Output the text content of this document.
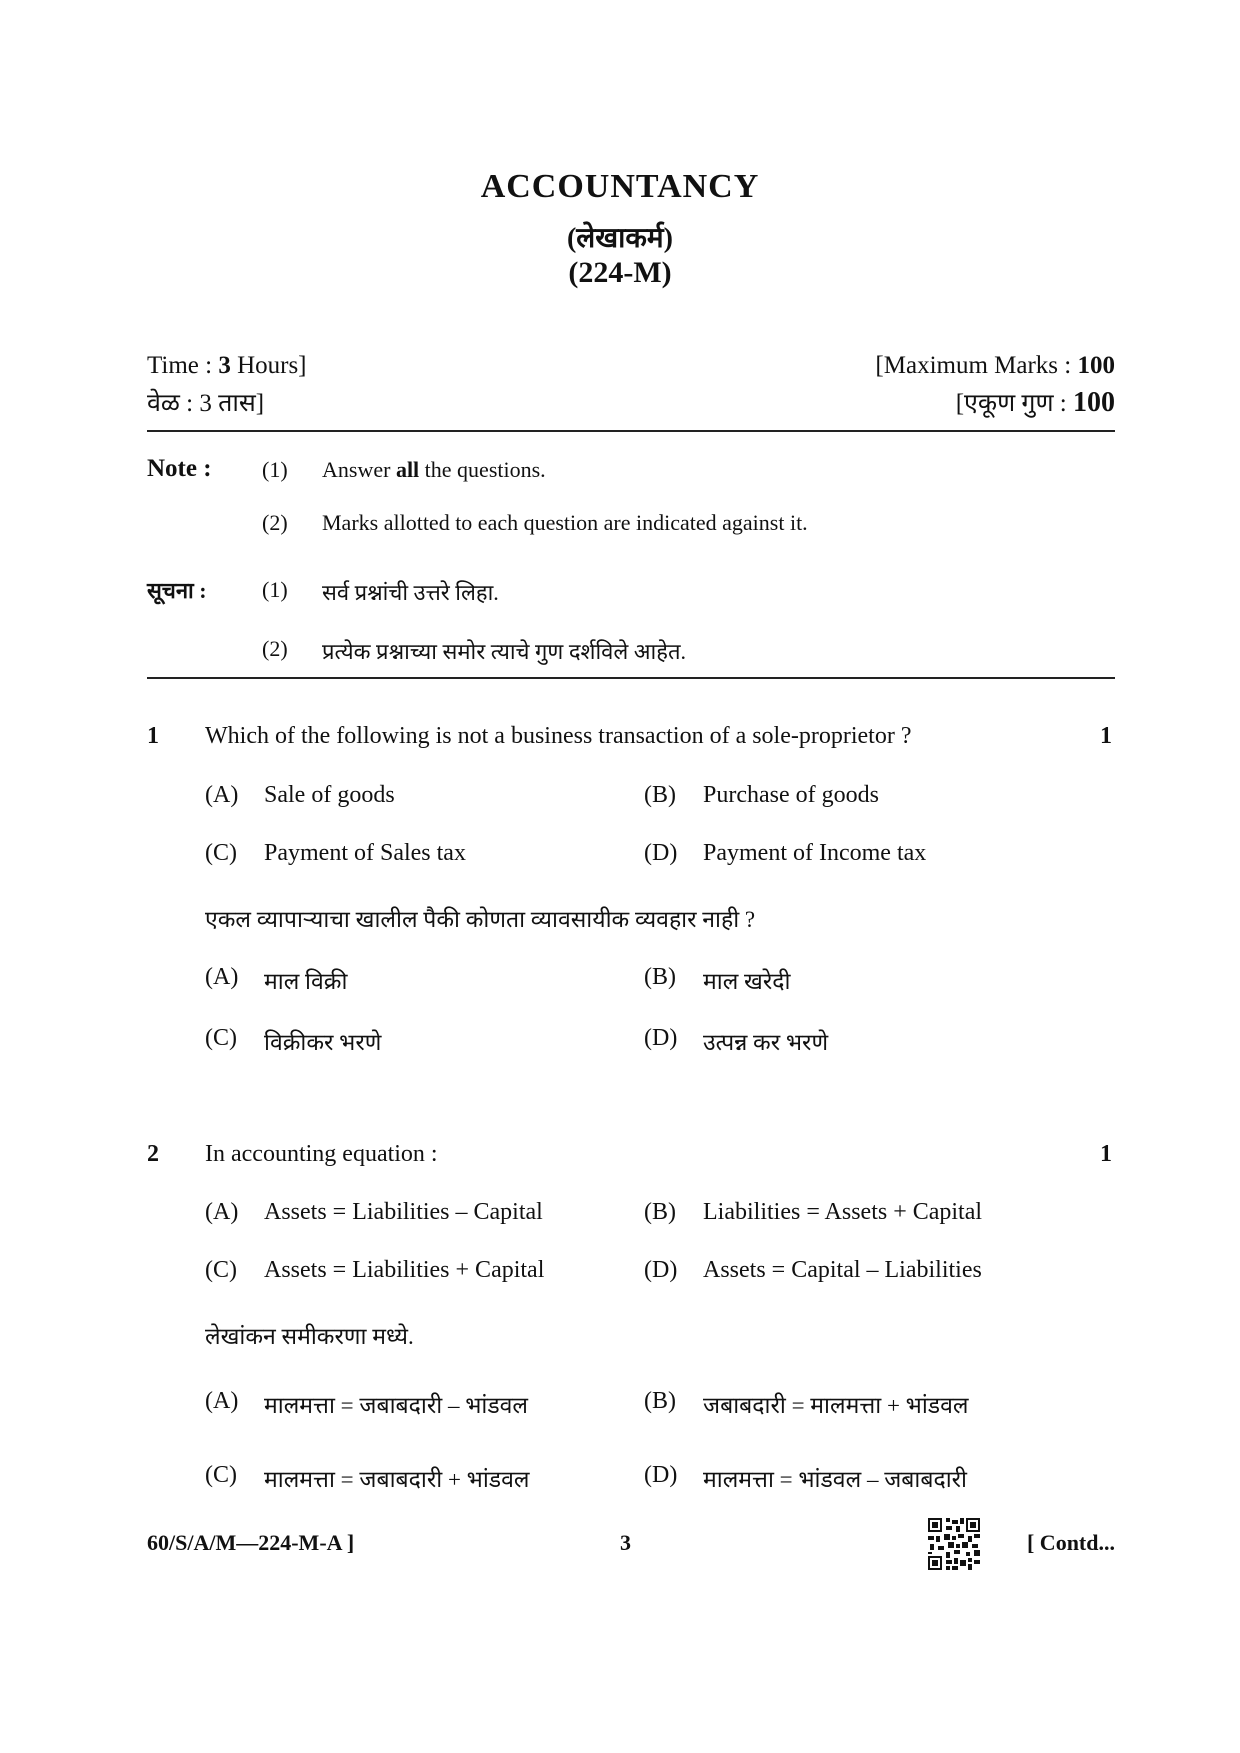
ACCOUNTANCY
(लेखाकर्म)
(224-M)
Time : 3 Hours]
वेळ : 3 तास]
[Maximum Marks : 100
[एकूण गुण : 100
Note : (1) Answer all the questions.
(2) Marks allotted to each question are indicated against it.
सूचना :	(1) सर्व प्रश्नांची उत्तरे लिहा.
(2) प्रत्येक प्रश्नाच्या समोर त्याचे गुण दर्शविले आहेत.
1 Which of the following is not a business transaction of a sole-proprietor ?	1
(A) Sale of goods	(B) Purchase of goods
(C) Payment of Sales tax	(D) Payment of Income tax
एकल व्यापाऱ्याचा खालील पैकी कोणता व्यावसायीक व्यवहार नाही ?
(A) माल विक्री	(B) माल खरेदी
(C) विक्रीकर भरणे	(D) उत्पन्न कर भरणे
2 In accounting equation :	1
(A) Assets = Liabilities – Capital	(B) Liabilities = Assets + Capital
(C) Assets = Liabilities + Capital	(D) Assets = Capital – Liabilities
लेखांकन समीकरणा मध्ये.
(A) मालमत्ता = जबाबदारी – भांडवल	(B) जबाबदारी = मालमत्ता + भांडवल
(C) मालमत्ता = जबाबदारी + भांडवल	(D) मालमत्ता = भांडवल – जबाबदारी
60/S/A/M—224-M-A ]	3	[ Contd...
